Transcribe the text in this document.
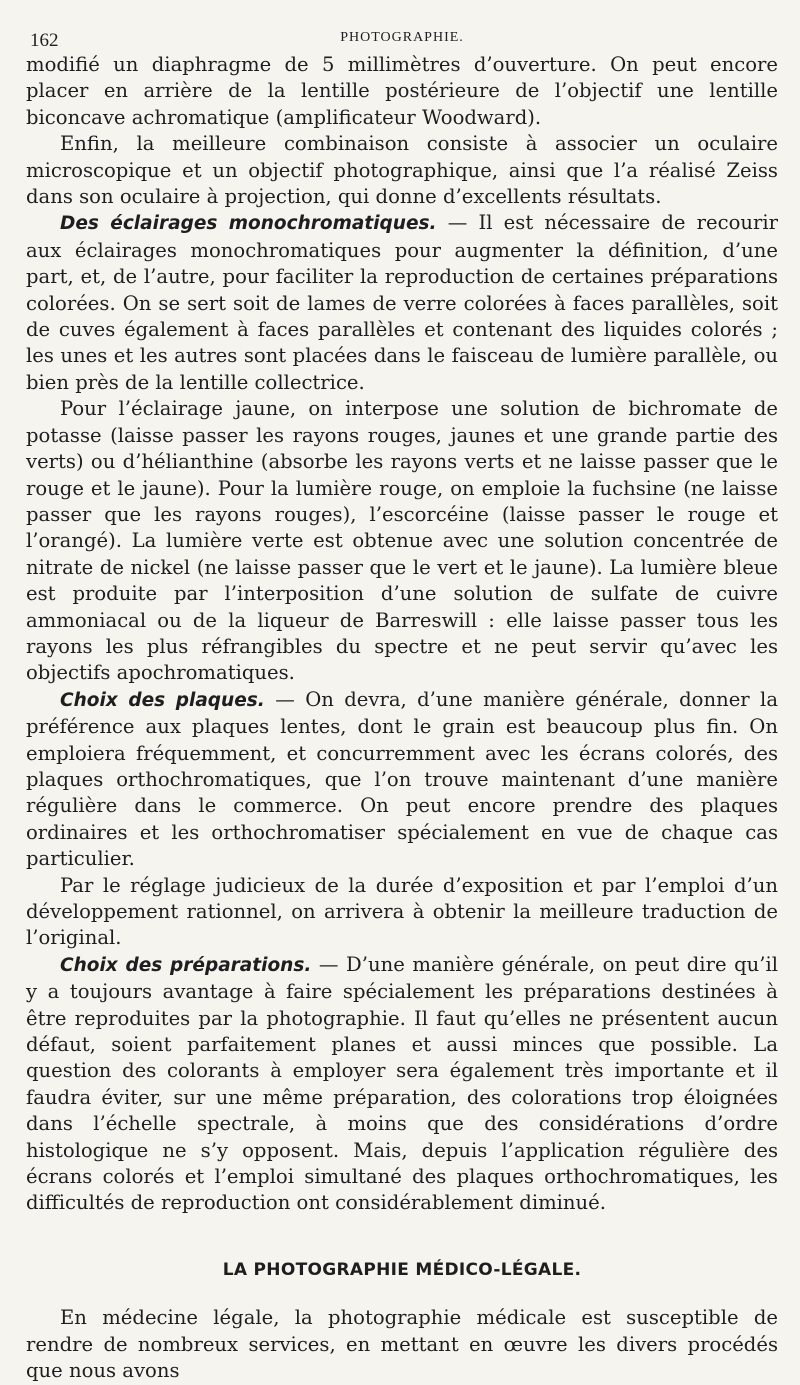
162	PHOTOGRAPHIE.

modifié un diaphragme de 5 millimètres d’ouverture. On peut encore placer en arrière de la lentille postérieure de l’objectif une lentille biconcave achromatique (amplificateur Woodward).

Enfin, la meilleure combinaison consiste à associer un oculaire microscopique et un objectif photographique, ainsi que l’a réalisé Zeiss dans son oculaire à projection, qui donne d’excellents résultats.

Des éclairages monochromatiques. — Il est nécessaire de recourir aux éclairages monochromatiques pour augmenter la définition, d’une part, et, de l’autre, pour faciliter la reproduction de certaines préparations colorées. On se sert soit de lames de verre colorées à faces parallèles, soit de cuves également à faces parallèles et contenant des liquides colorés ; les unes et les autres sont placées dans le faisceau de lumière parallèle, ou bien près de la lentille collectrice.

Pour l’éclairage jaune, on interpose une solution de bichromate de potasse (laisse passer les rayons rouges, jaunes et une grande partie des verts) ou d’hélianthine (absorbe les rayons verts et ne laisse passer que le rouge et le jaune). Pour la lumière rouge, on emploie la fuchsine (ne laisse passer que les rayons rouges), l’escorcéine (laisse passer le rouge et l’orangé). La lumière verte est obtenue avec une solution concentrée de nitrate de nickel (ne laisse passer que le vert et le jaune). La lumière bleue est produite par l’interposition d’une solution de sulfate de cuivre ammoniacal ou de la liqueur de Barreswill : elle laisse passer tous les rayons les plus réfrangibles du spectre et ne peut servir qu’avec les objectifs apochromatiques.

Choix des plaques. — On devra, d’une manière générale, donner la préférence aux plaques lentes, dont le grain est beaucoup plus fin. On emploiera fréquemment, et concurremment avec les écrans colorés, des plaques orthochromatiques, que l’on trouve maintenant d’une manière régulière dans le commerce. On peut encore prendre des plaques ordinaires et les orthochromatiser spécialement en vue de chaque cas particulier.

Par le réglage judicieux de la durée d’exposition et par l’emploi d’un développement rationnel, on arrivera à obtenir la meilleure traduction de l’original.

Choix des préparations. — D’une manière générale, on peut dire qu’il y a toujours avantage à faire spécialement les préparations destinées à être reproduites par la photographie. Il faut qu’elles ne présentent aucun défaut, soient parfaitement planes et aussi minces que possible. La question des colorants à employer sera également très importante et il faudra éviter, sur une même préparation, des colorations trop éloignées dans l’échelle spectrale, à moins que des considérations d’ordre histologique ne s’y opposent. Mais, depuis l’application régulière des écrans colorés et l’emploi simultané des plaques orthochromatiques, les difficultés de reproduction ont considérablement diminué.

LA PHOTOGRAPHIE MÉDICO-LÉGALE.

En médecine légale, la photographie médicale est susceptible de rendre de nombreux services, en mettant en œuvre les divers procédés que nous avons
